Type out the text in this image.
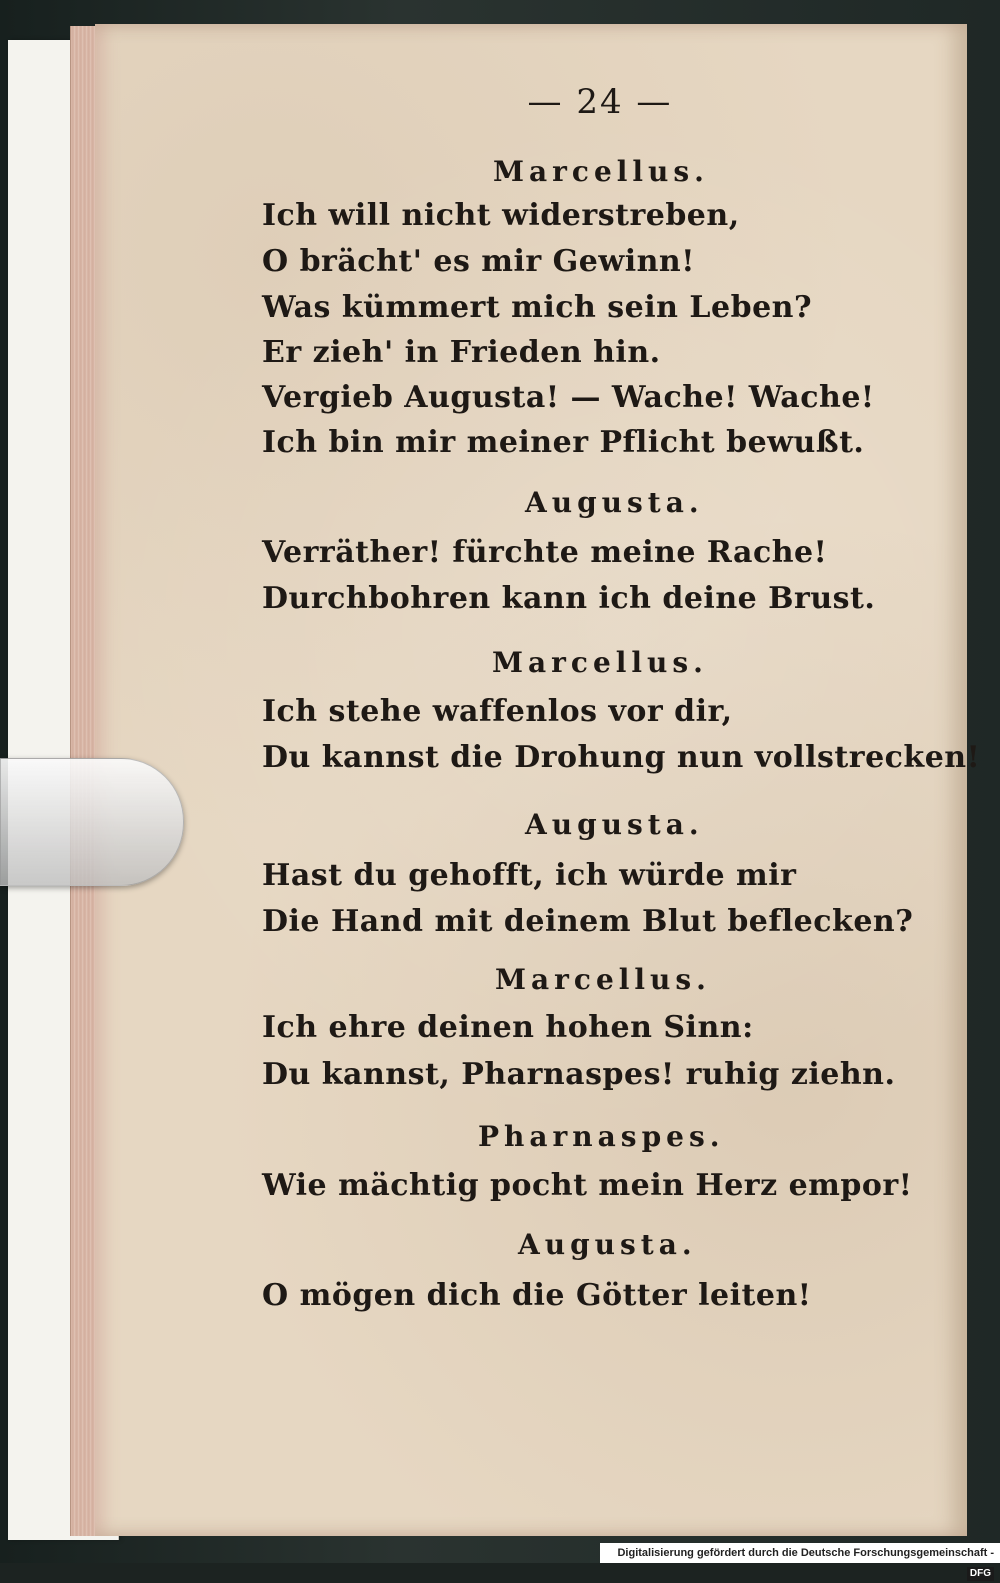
— 24 —
Marcellus.
Ich will nicht widerstreben,
O brächt' es mir Gewinn!
Was kümmert mich sein Leben?
Er zieh' in Frieden hin.
Vergieb Augusta! — Wache! Wache!
Ich bin mir meiner Pflicht bewußt.
Augusta.
Verräther! fürchte meine Rache!
Durchbohren kann ich deine Brust.
Marcellus.
Ich stehe waffenlos vor dir,
Du kannst die Drohung nun vollstrecken!
Augusta.
Hast du gehofft, ich würde mir
Die Hand mit deinem Blut beflecken?
Marcellus.
Ich ehre deinen hohen Sinn:
Du kannst, Pharnaspes! ruhig ziehn.
Pharnaspes.
Wie mächtig pocht mein Herz empor!
Augusta.
O mögen dich die Götter leiten!
Digitalisierung gefördert durch die Deutsche Forschungsgemeinschaft -DFG
